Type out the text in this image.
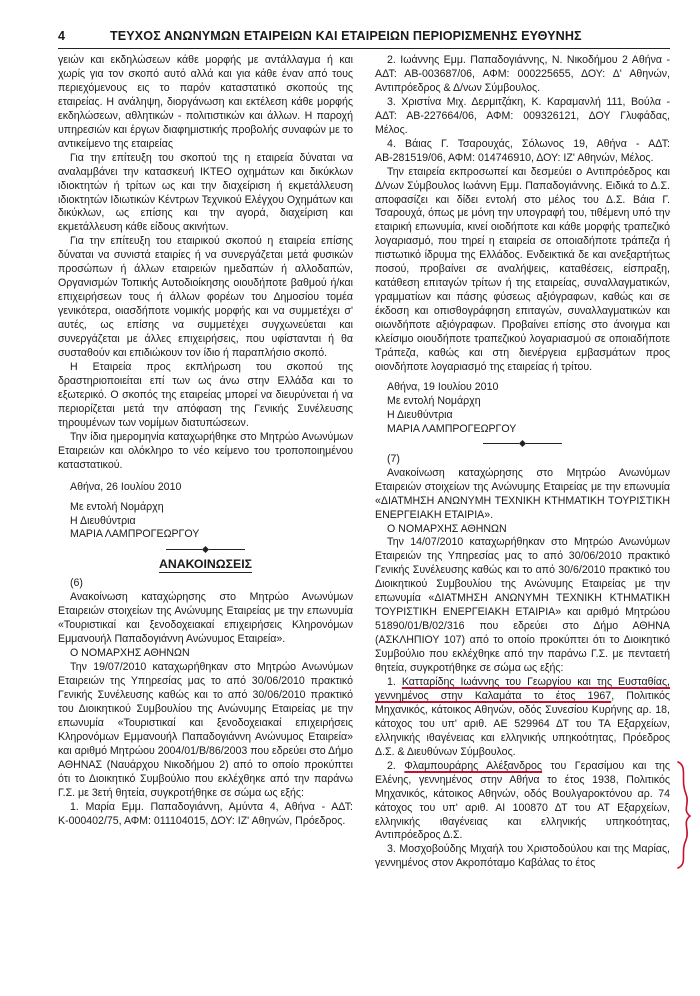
4	ΤΕΥΧΟΣ ΑΝΩΝΥΜΩΝ ΕΤΑΙΡΕΙΩΝ ΚΑΙ ΕΤΑΙΡΕΙΩΝ ΠΕΡΙΟΡΙΣΜΕΝΗΣ ΕΥΘΥΝΗΣ

γειών και εκδηλώσεων κάθε μορφής με αντάλλαγμα ή και χωρίς για τον σκοπό αυτό αλλά και για κάθε έναν από τους περιεχόμενους εις το παρόν καταστατικό σκοπούς της εταιρείας. Η ανάληψη, διοργάνωση και εκτέλεση κάθε μορφής εκδηλώσεων, αθλητικών - πολιτιστικών και άλλων. Η παροχή υπηρεσιών και έργων διαφημιστικής προβολής συναφών με το αντικείμενο της εταιρείας

Για την επίτευξη του σκοπού της η εταιρεία δύναται να αναλαμβάνει την κατασκευή ΙΚΤΕΟ οχημάτων και δικύκλων ιδιοκτητών ή τρίτων ως και την διαχείριση ή εκμετάλλευση ιδιοκτητών Ιδιωτικών Κέντρων Τεχνικού Ελέγχου Οχημάτων και δικύκλων, ως επίσης και την αγορά, διαχείριση και εκμετάλλευση κάθε είδους ακινήτων.

Για την επίτευξη του εταιρικού σκοπού η εταιρεία επίσης δύναται να συνιστά εταιρίες ή να συνεργάζεται μετά φυσικών προσώπων ή άλλων εταιρειών ημεδαπών ή αλλοδαπών, Οργανισμών Τοπικής Αυτοδιοίκησης οιουδήποτε βαθμού ή/και επιχειρήσεων τους ή άλλων φορέων του Δημοσίου τομέα γενικότερα, οιασδήποτε νομικής μορφής και να συμμετέχει σ' αυτές, ως επίσης να συμμετέχει συγχωνεύεται και συνεργάζεται με άλλες επιχειρήσεις, που υφίστανται ή θα συσταθούν και επιδιώκουν τον ίδιο ή παραπλήσιο σκοπό.

Η Εταιρεία προς εκπλήρωση του σκοπού της δραστηριοποιείται επί των ως άνω στην Ελλάδα και το εξωτερικό. Ο σκοπός της εταιρείας μπορεί να διευρύνεται ή να περιορίζεται μετά την απόφαση της Γενικής Συνέλευσης τηρουμένων των νομίμων διατυπώσεων.

Την ίδια ημερομηνία καταχωρήθηκε στο Μητρώο Ανωνύμων Εταιρειών και ολόκληρο το νέο κείμενο του τροποποιημένου καταστατικού.

Αθήνα, 26 Ιουλίου 2010

Με εντολή Νομάρχη

Η Διευθύντρια

ΜΑΡΙΑ ΛΑΜΠΡΟΓΕΩΡΓΟΥ

ΑΝΑΚΟΙΝΩΣΕΙΣ

(6)

Ανακοίνωση καταχώρησης στο Μητρώο Ανωνύμων Εταιρειών στοιχείων της Ανώνυμης Εταιρείας με την επωνυμία «Τουριστικαί και ξενοδοχειακαί επιχειρήσεις Κληρονόμων Εμμανουήλ Παπαδογιάννη Ανώνυμος Εταιρεία».

Ο ΝΟΜΑΡΧΗΣ ΑΘΗΝΩΝ

Την 19/07/2010 καταχωρήθηκαν στο Μητρώο Ανωνύμων Εταιρειών της Υπηρεσίας μας το από 30/06/2010 πρακτικό Γενικής Συνέλευσης καθώς και το από 30/06/2010 πρακτικό του Διοικητικού Συμβουλίου της Ανώνυμης Εταιρείας με την επωνυμία «Τουριστικαί και ξενοδοχειακαί επιχειρήσεις Κληρονόμων Εμμανουήλ Παπαδογιάννη Ανώνυμος Εταιρεία» και αριθμό Μητρώου 2004/01/Β/86/2003 που εδρεύει στο Δήμο ΑΘΗΝΑΣ (Ναυάρχου Νικοδήμου 2) από το οποίο προκύπτει ότι το Διοικητικό Συμβούλιο που εκλέχθηκε από την παράνω Γ.Σ. με 3ετή θητεία, συγκροτήθηκε σε σώμα ως εξής:

1. Μαρία Εμμ. Παπαδογιάννη, Αμύντα 4, Αθήνα - ΑΔΤ: Κ-000402/75, ΑΦΜ: 011104015, ΔΟΥ: ΙΖ' Αθηνών, Πρόεδρος.

2. Ιωάννης Εμμ. Παπαδογιάννης, Ν. Νικοδήμου 2 Αθήνα - ΑΔΤ: ΑΒ-003687/06, ΑΦΜ: 000225655, ΔΟΥ: Δ' Αθηνών, Αντιπρόεδρος & Δ/νων Σύμβουλος.

3. Χριστίνα Μιχ. Δερμιτζάκη, Κ. Καραμανλή 111, Βούλα - ΑΔΤ: ΑΒ-227664/06, ΑΦΜ: 009326121, ΔΟΥ Γλυφάδας, Μέλος.

4. Βάιας Γ. Τσαρουχάς, Σόλωνος 19, Αθήνα - ΑΔΤ: ΑΒ-281519/06, ΑΦΜ: 014746910, ΔΟΥ: ΙΖ' Αθηνών, Μέλος.

Την εταιρεία εκπροσωπεί και δεσμεύει ο Αντιπρόεδρος και Δ/νων Σύμβουλος Ιωάννη Εμμ. Παπαδογιάννης. Ειδικά το Δ.Σ. αποφασίζει και δίδει εντολή στο μέλος του Δ.Σ. Βάια Γ. Τσαρουχά, όπως με μόνη την υπογραφή του, τιθέμενη υπό την εταιρική επωνυμία, κινεί οιοδήποτε και κάθε μορφής τραπεζικό λογαριασμό, που τηρεί η εταιρεία σε οποιαδήποτε τράπεζα ή πιστωτικό ίδρυμα της Ελλάδος. Ενδεικτικά δε και ανεξαρτήτως ποσού, προβαίνει σε αναλήψεις, καταθέσεις, είσπραξη, κατάθεση επιταγών τρίτων ή της εταιρείας, συναλλαγματικών, γραμματίων και πάσης φύσεως αξιόγραφων, καθώς και σε έκδοση και οπισθογράφηση επιταγών, συναλλαγματικών και οιωνδήποτε αξιόγραφων. Προβαίνει επίσης στο άνοιγμα και κλείσιμο οιουδήποτε τραπεζικού λογαριασμού σε οποιαδήποτε Τράπεζα, καθώς και στη διενέργεια εμβασμάτων προς οιονδήποτε λογαριασμό της εταιρείας ή τρίτου.

Αθήνα, 19 Ιουλίου 2010

Με εντολή Νομάρχη

Η Διευθύντρια

ΜΑΡΙΑ ΛΑΜΠΡΟΓΕΩΡΓΟΥ

(7)

Ανακοίνωση καταχώρησης στο Μητρώο Ανωνύμων Εταιρειών στοιχείων της Ανώνυμης Εταιρείας με την επωνυμία «ΔΙΑΤΜΗΣΗ ΑΝΩΝΥΜΗ ΤΕΧΝΙΚΗ ΚΤΗΜΑΤΙΚΗ ΤΟΥΡΙΣΤΙΚΗ ΕΝΕΡΓΕΙΑΚΗ ΕΤΑΙΡΙΑ».

Ο ΝΟΜΑΡΧΗΣ ΑΘΗΝΩΝ

Την 14/07/2010 καταχωρήθηκαν στο Μητρώο Ανωνύμων Εταιρειών της Υπηρεσίας μας το από 30/06/2010 πρακτικό Γενικής Συνέλευσης καθώς και το από 30/6/2010 πρακτικό του Διοικητικού Συμβουλίου της Ανώνυμης Εταιρείας με την επωνυμία «ΔΙΑΤΜΗΣΗ ΑΝΩΝΥΜΗ ΤΕΧΝΙΚΗ ΚΤΗΜΑΤΙΚΗ ΤΟΥΡΙΣΤΙΚΗ ΕΝΕΡΓΕΙΑΚΗ ΕΤΑΙΡΙΑ» και αριθμό Μητρώου 51890/01/Β/02/316 που εδρεύει στο Δήμο ΑΘΗΝΑ (ΑΣΚΛΗΠΙΟΥ 107) από το οποίο προκύπτει ότι το Διοικητικό Συμβούλιο που εκλέχθηκε από την παράνω Γ.Σ. με πενταετή θητεία, συγκροτήθηκε σε σώμα ως εξής:

1. Κατταρίδης Ιωάννης του Γεωργίου και της Ευσταθίας, γεννημένος στην Καλαμάτα το έτος 1967, Πολιτικός Μηχανικός, κάτοικος Αθηνών, οδός Συνεσίου Κυρήνης αρ. 18, κάτοχος του υπ' αριθ. ΑΕ 529964 ΔΤ του ΤΑ Εξαρχείων, ελληνικής ιθαγένειας και ελληνικής υπηκοότητας, Πρόεδρος Δ.Σ. & Διευθύνων Σύμβουλος.

2. Φλαμπουράρης Αλέξανδρος του Γερασίμου και της Ελένης, γεννημένος στην Αθήνα το έτος 1938, Πολιτικός Μηχανικός, κάτοικος Αθηνών, οδός Βουλγαροκτόνου αρ. 74 κάτοχος του υπ' αριθ. ΑΙ 100870 ΔΤ του ΑΤ Εξαρχείων, ελληνικής ιθαγένειας και ελληνικής υπηκοότητας, Αντιπρόεδρος Δ.Σ.

3. Μοσχοβούδης Μιχαήλ του Χριστοδούλου και της Μαρίας, γεννημένος στον Ακροπόταμο Καβάλας το έτος
